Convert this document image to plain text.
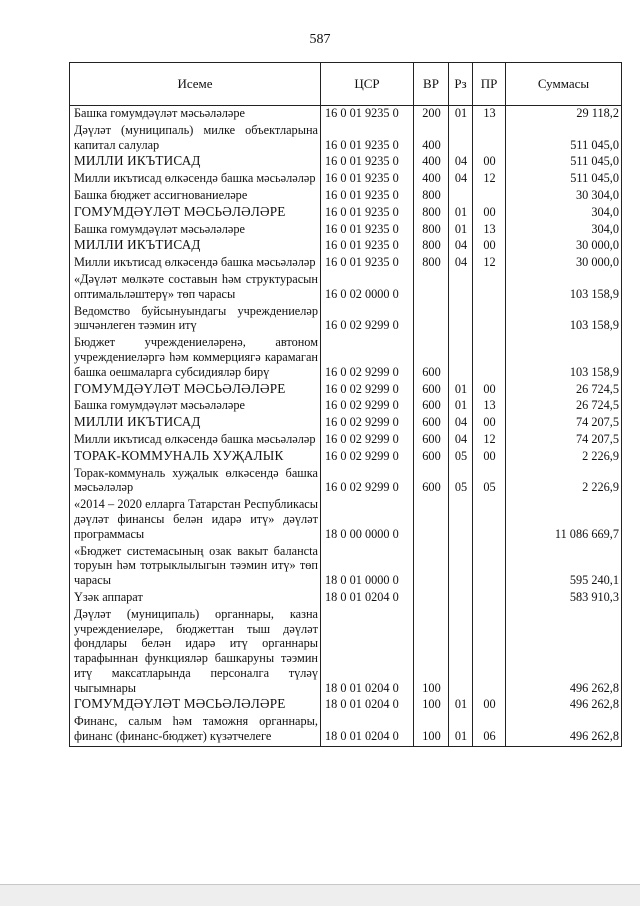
587
Исеме	ЦСР	ВР	Рз	ПР	Суммасы
Башка гомумдәүләт мәсьәләләре	16 0 01 9235 0	200	01	13	29 118,2
Дәүләт (муниципаль) милке объектларына капитал салулар	16 0 01 9235 0	400			511 045,0
МИЛЛИ ИКЪТИСАД	16 0 01 9235 0	400	04	00	511 045,0
Милли икътисад өлкәсендә башка мәсьәләләр	16 0 01 9235 0	400	04	12	511 045,0
Башка бюджет ассигнованиеләре	16 0 01 9235 0	800			30 304,0
ГОМУМДӘҮЛӘТ МӘСЬӘЛӘЛӘРЕ	16 0 01 9235 0	800	01	00	304,0
Башка гомумдәүләт мәсьәләләре	16 0 01 9235 0	800	01	13	304,0
МИЛЛИ ИКЪТИСАД	16 0 01 9235 0	800	04	00	30 000,0
Милли икътисад өлкәсендә башка мәсьәләләр	16 0 01 9235 0	800	04	12	30 000,0
«Дәүләт мөлкәте составын һәм структурасын оптимальләштерү» төп чарасы	16 0 02 0000 0				103 158,9
Ведомство буйсынуындагы учреждениеләр эшчәнлеген тәэмин итү	16 0 02 9299 0				103 158,9
Бюджет учреждениеләренә, автоном учреждениеләргә һәм коммерциягә карамаган башка оешмаларга субсидияләр бирү	16 0 02 9299 0	600			103 158,9
ГОМУМДӘҮЛӘТ МӘСЬӘЛӘЛӘРЕ	16 0 02 9299 0	600	01	00	26 724,5
Башка гомумдәүләт мәсьәләләре	16 0 02 9299 0	600	01	13	26 724,5
МИЛЛИ ИКЪТИСАД	16 0 02 9299 0	600	04	00	74 207,5
Милли икътисад өлкәсендә башка мәсьәләләр	16 0 02 9299 0	600	04	12	74 207,5
ТОРАК-КОММУНАЛЬ ХУҖАЛЫК	16 0 02 9299 0	600	05	00	2 226,9
Торак-коммуналь хуҗалык өлкәсендә башка мәсьәләләр	16 0 02 9299 0	600	05	05	2 226,9
«2014 – 2020 елларга Татарстан Республикасы дәүләт финансы белән идарә итү» дәүләт программасы	18 0 00 0000 0				11 086 669,7
«Бюджет системасының озак вакыт балансta торуын һәм тотрыклылыгын тәэмин итү» төп чарасы	18 0 01 0000 0				595 240,1
Үзәк аппарат	18 0 01 0204 0				583 910,3
Дәүләт (муниципаль) органнары, казна учреждениеләре, бюджеттан тыш дәүләт фондлары белән идарә итү органнары тарафыннан функцияләр башкаруны тәэмин итү максатларында персоналга түләү чыгымнары	18 0 01 0204 0	100			496 262,8
ГОМУМДӘҮЛӘТ МӘСЬӘЛӘЛӘРЕ	18 0 01 0204 0	100	01	00	496 262,8
Финанс, салым һәм таможня органнары, финанс (финанс-бюджет) күзәтчелеге	18 0 01 0204 0	100	01	06	496 262,8
